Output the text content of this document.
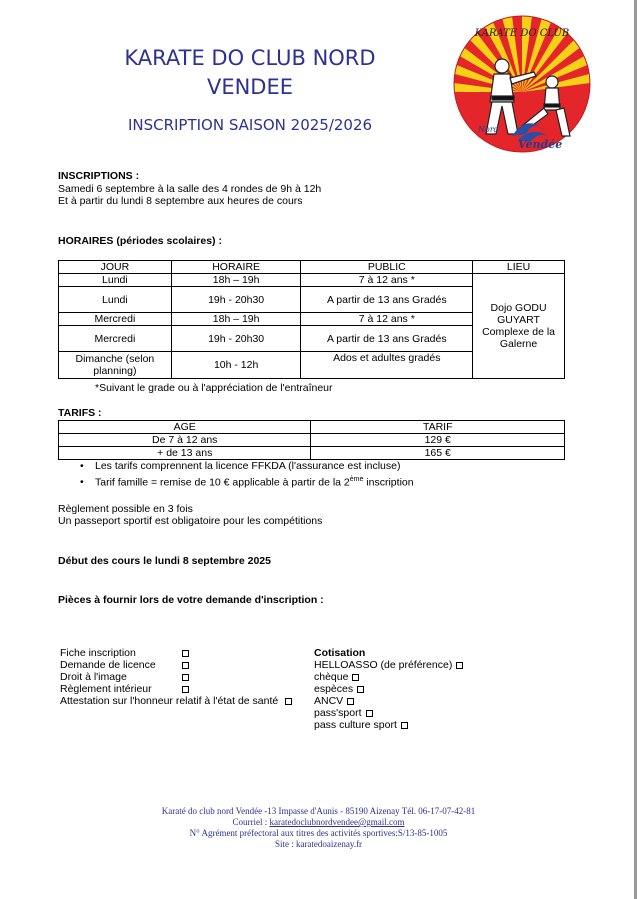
KARATE DO CLUB NORD
VENDEE
INSCRIPTION SAISON 2025/2026
KARATE DO CLUB
Nord
Vendée
INSCRIPTIONS :
Samedi 6 septembre à la salle des 4 rondes de 9h à 12h
Et à partir du lundi 8 septembre aux heures de cours
HORAIRES (périodes scolaires) :
JOUR	HORAIRE	PUBLIC	LIEU
Lundi	18h – 19h	7 à 12 ans *	Dojo GODU GUYART Complexe de la Galerne

Lundi	19h - 20h30	A partir de 13 ans Gradés	

Mercredi	18h – 19h	7 à 12 ans *	
Mercredi	19h - 20h30	A partir de 13 ans Gradés	

Dimanche (selon planning)	10h - 12h	Ados et adultes gradés	
*Suivant le grade ou à l'appréciation de l'entraîneur
TARIFS :
AGE	TARIF
De 7 à 12 ans	129 €
+ de 13 ans	165 €
• Les tarifs comprennent la licence FFKDA (l'assurance est incluse)
• Tarif famille = remise de 10 € applicable à partir de la 2ème inscription
Règlement possible en 3 fois
Un passeport sportif est obligatoire pour les compétitions
Début des cours le lundi 8 septembre 2025
Pièces à fournir lors de votre demande d'inscription :
Fiche inscription
Demande de licence
Droit à l'image
Règlement intérieur
Attestation sur l'honneur relatif à l'état de santé
Cotisation
HELLOASSO (de préférence)
chèque
espèces
ANCV
pass'sport
pass culture sport
Karaté do club nord Vendée -13 Impasse d'Aunis - 85190 Aizenay Tél. 06-17-07-42-81
Courriel : karatedoclubnordvendee@gmail.com
N° Agrément préfectoral aux titres des activités sportives:S/13-85-1005
Site : karatedoaizenay.fr
